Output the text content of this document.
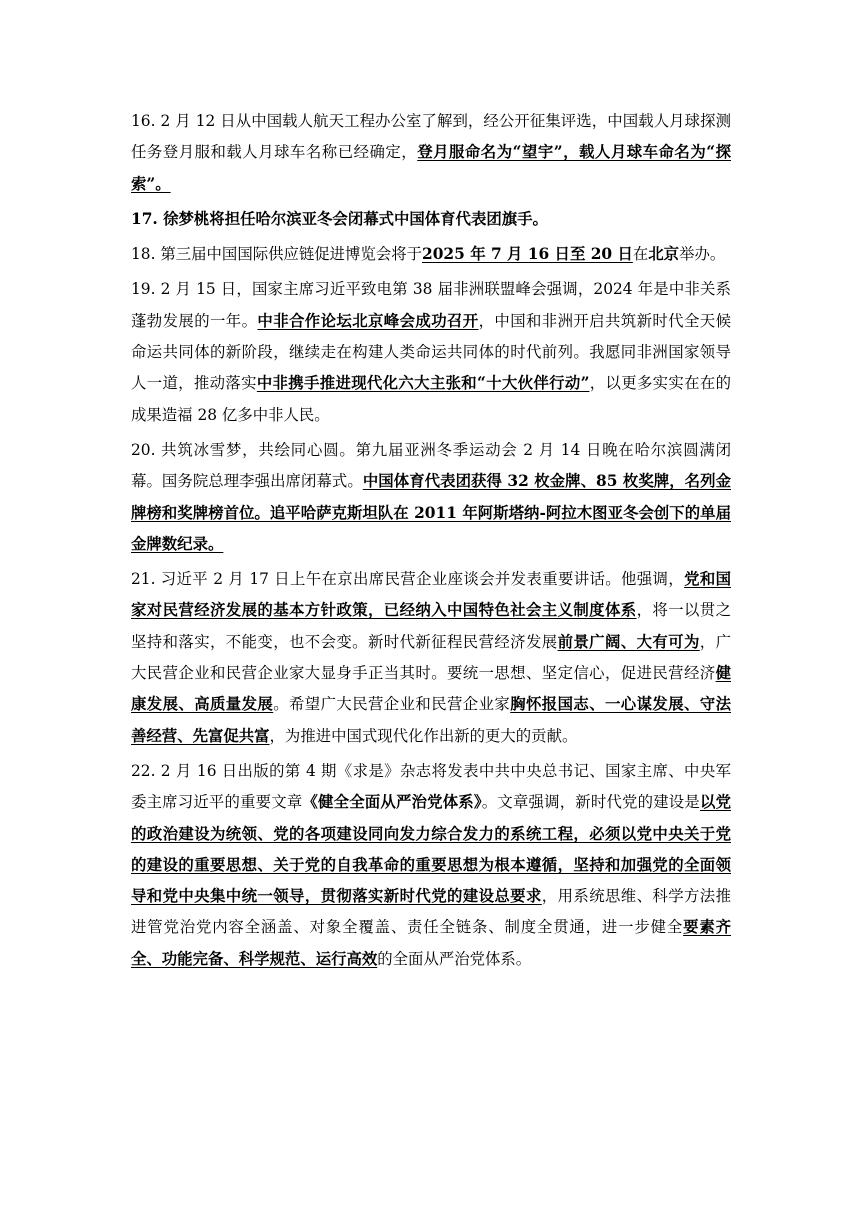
16. 2 月 12 日从中国载人航天工程办公室了解到，经公开征集评选，中国载人月球探测任务登月服和载人月球车名称已经确定，登月服命名为“望宇”，载人月球车命名为“探索”。

17. 徐梦桃将担任哈尔滨亚冬会闭幕式中国体育代表团旗手。

18. 第三届中国国际供应链促进博览会将于2025 年 7 月 16 日至 20 日在北京举办。

19. 2 月 15 日，国家主席习近平致电第 38 届非洲联盟峰会强调，2024 年是中非关系蓬勃发展的一年。中非合作论坛北京峰会成功召开，中国和非洲开启共筑新时代全天候命运共同体的新阶段，继续走在构建人类命运共同体的时代前列。我愿同非洲国家领导人一道，推动落实中非携手推进现代化六大主张和“十大伙伴行动”，以更多实实在在的成果造福 28 亿多中非人民。

20. 共筑冰雪梦，共绘同心圆。第九届亚洲冬季运动会 2 月 14 日晚在哈尔滨圆满闭幕。国务院总理李强出席闭幕式。中国体育代表团获得 32 枚金牌、85 枚奖牌，名列金牌榜和奖牌榜首位。追平哈萨克斯坦队在 2011 年阿斯塔纳-阿拉木图亚冬会创下的单届金牌数纪录。

21. 习近平 2 月 17 日上午在京出席民营企业座谈会并发表重要讲话。他强调，党和国家对民营经济发展的基本方针政策，已经纳入中国特色社会主义制度体系，将一以贯之坚持和落实，不能变，也不会变。新时代新征程民营经济发展前景广阔、大有可为，广大民营企业和民营企业家大显身手正当其时。要统一思想、坚定信心，促进民营经济健康发展、高质量发展。希望广大民营企业和民营企业家胸怀报国志、一心谋发展、守法善经营、先富促共富，为推进中国式现代化作出新的更大的贡献。

22. 2 月 16 日出版的第 4 期《求是》杂志将发表中共中央总书记、国家主席、中央军委主席习近平的重要文章《健全全面从严治党体系》。文章强调，新时代党的建设是以党的政治建设为统领、党的各项建设同向发力综合发力的系统工程，必须以党中央关于党的建设的重要思想、关于党的自我革命的重要思想为根本遵循，坚持和加强党的全面领导和党中央集中统一领导，贯彻落实新时代党的建设总要求，用系统思维、科学方法推进管党治党内容全涵盖、对象全覆盖、责任全链条、制度全贯通，进一步健全要素齐全、功能完备、科学规范、运行高效的全面从严治党体系。
